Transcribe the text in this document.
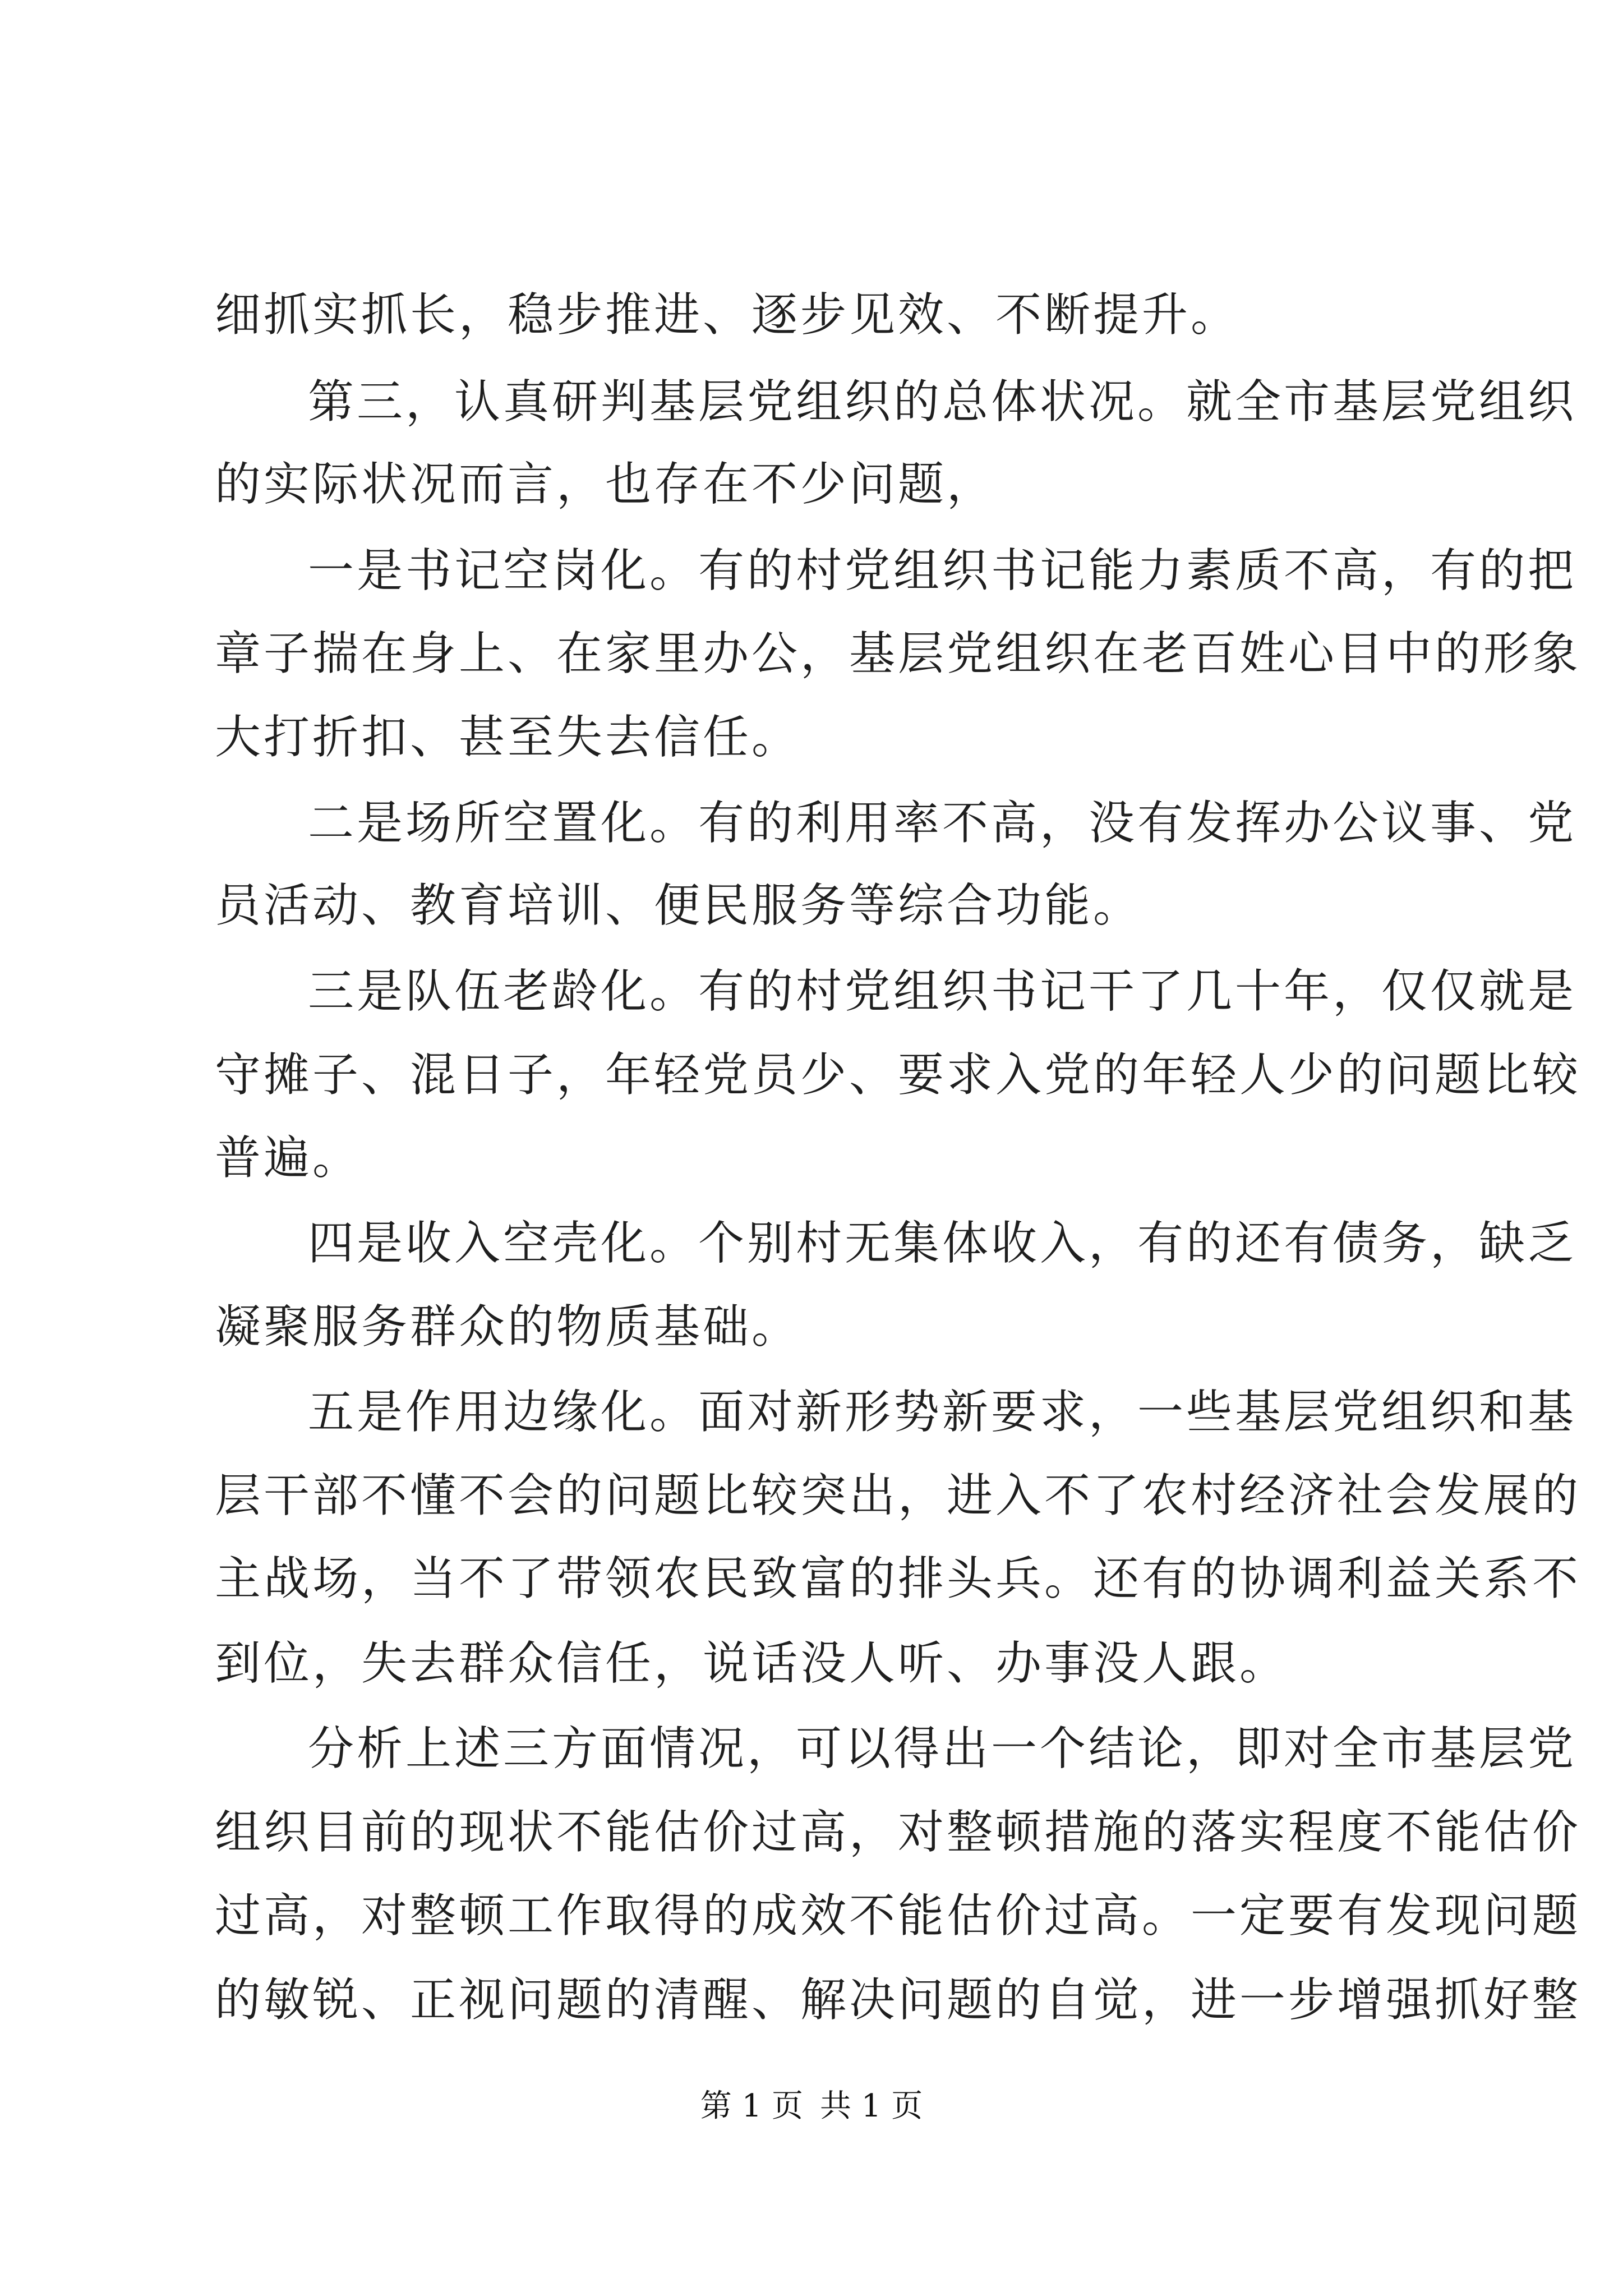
细抓实抓长，稳步推进、逐步见效、不断提升。
第三，认真研判基层党组织的总体状况。就全市基层党组织
的实际状况而言，也存在不少问题，
一是书记空岗化。有的村党组织书记能力素质不高，有的把
章子揣在身上、在家里办公，基层党组织在老百姓心目中的形象
大打折扣、甚至失去信任。
二是场所空置化。有的利用率不高，没有发挥办公议事、党
员活动、教育培训、便民服务等综合功能。
三是队伍老龄化。有的村党组织书记干了几十年，仅仅就是
守摊子、混日子，年轻党员少、要求入党的年轻人少的问题比较
普遍。
四是收入空壳化。个别村无集体收入，有的还有债务，缺乏
凝聚服务群众的物质基础。
五是作用边缘化。面对新形势新要求，一些基层党组织和基
层干部不懂不会的问题比较突出，进入不了农村经济社会发展的
主战场，当不了带领农民致富的排头兵。还有的协调利益关系不
到位，失去群众信任，说话没人听、办事没人跟。
分析上述三方面情况，可以得出一个结论，即对全市基层党
组织目前的现状不能估价过高，对整顿措施的落实程度不能估价
过高，对整顿工作取得的成效不能估价过高。一定要有发现问题
的敏锐、正视问题的清醒、解决问题的自觉，进一步增强抓好整
第 1 页 共 1 页
